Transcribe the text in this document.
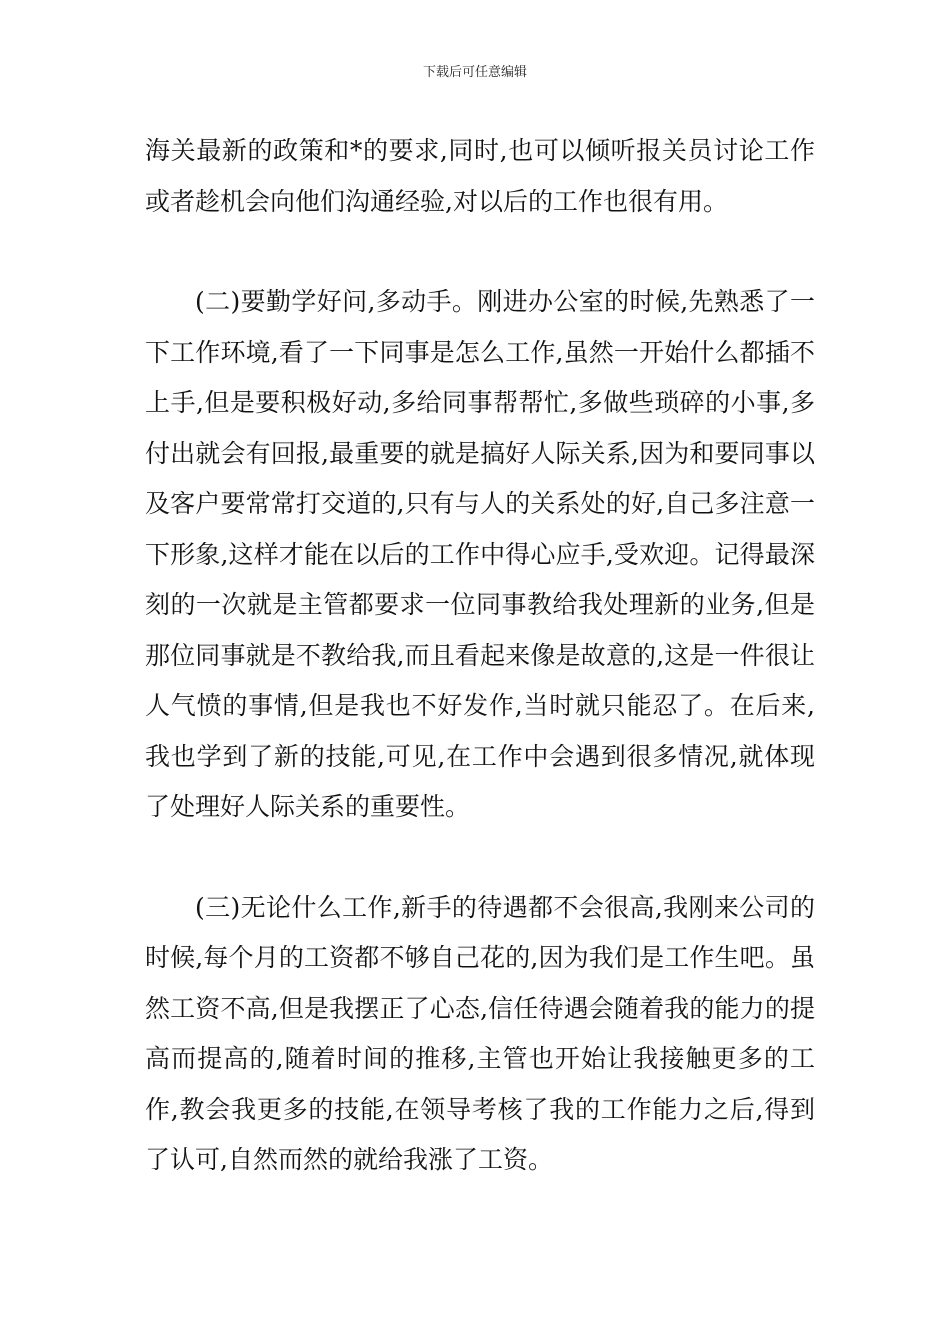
下载后可任意编辑

海关最新的政策和*的要求,同时,也可以倾听报关员讨论工作或者趁机会向他们沟通经验,对以后的工作也很有用。

(二)要勤学好问,多动手。刚进办公室的时候,先熟悉了一下工作环境,看了一下同事是怎么工作,虽然一开始什么都插不上手,但是要积极好动,多给同事帮帮忙,多做些琐碎的小事,多付出就会有回报,最重要的就是搞好人际关系,因为和要同事以及客户要常常打交道的,只有与人的关系处的好,自己多注意一下形象,这样才能在以后的工作中得心应手,受欢迎。记得最深刻的一次就是主管都要求一位同事教给我处理新的业务,但是那位同事就是不教给我,而且看起来像是故意的,这是一件很让人气愤的事情,但是我也不好发作,当时就只能忍了。在后来,我也学到了新的技能,可见,在工作中会遇到很多情况,就体现了处理好人际关系的重要性。

(三)无论什么工作,新手的待遇都不会很高,我刚来公司的时候,每个月的工资都不够自己花的,因为我们是工作生吧。虽然工资不高,但是我摆正了心态,信任待遇会随着我的能力的提高而提高的,随着时间的推移,主管也开始让我接触更多的工作,教会我更多的技能,在领导考核了我的工作能力之后,得到了认可,自然而然的就给我涨了工资。
